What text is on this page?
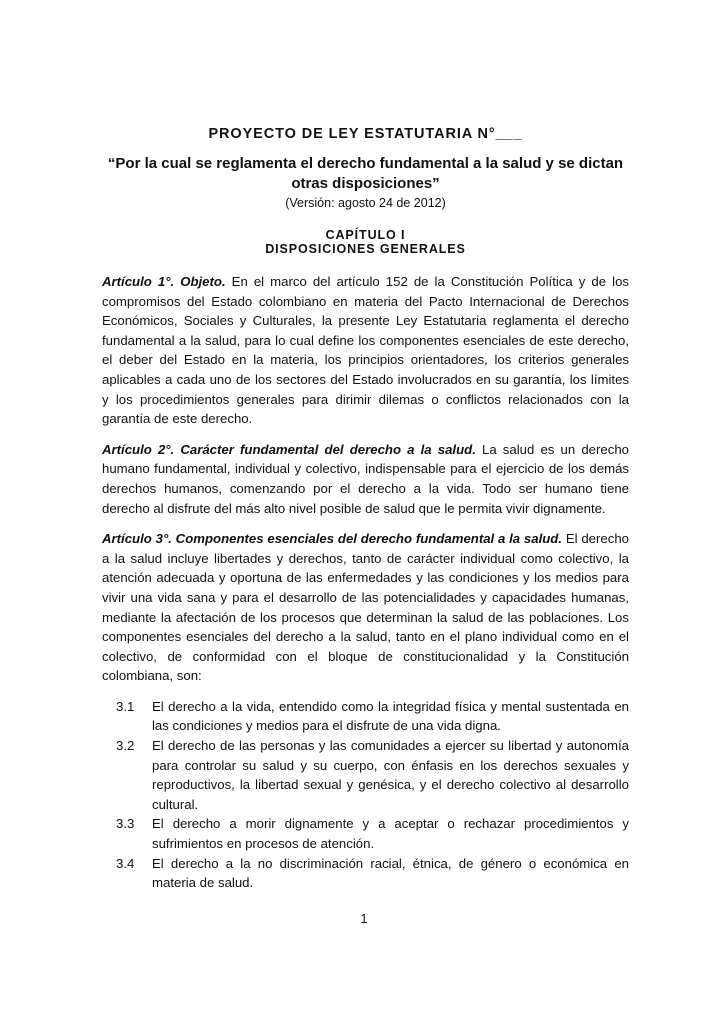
PROYECTO DE LEY ESTATUTARIA N°___
“Por la cual se reglamenta el derecho fundamental a la salud y se dictan otras disposiciones”
(Versión: agosto 24 de 2012)
CAPÍTULO I
DISPOSICIONES GENERALES

Artículo 1°. Objeto. En el marco del artículo 152 de la Constitución Política y de los compromisos del Estado colombiano en materia del Pacto Internacional de Derechos Económicos, Sociales y Culturales, la presente Ley Estatutaria reglamenta el derecho fundamental a la salud, para lo cual define los componentes esenciales de este derecho, el deber del Estado en la materia, los principios orientadores, los criterios generales aplicables a cada uno de los sectores del Estado involucrados en su garantía, los límites y los procedimientos generales para dirimir dilemas o conflictos relacionados con la garantía de este derecho.

Artículo 2°. Carácter fundamental del derecho a la salud. La salud es un derecho humano fundamental, individual y colectivo, indispensable para el ejercicio de los demás derechos humanos, comenzando por el derecho a la vida. Todo ser humano tiene derecho al disfrute del más alto nivel posible de salud que le permita vivir dignamente.

Artículo 3°. Componentes esenciales del derecho fundamental a la salud. El derecho a la salud incluye libertades y derechos, tanto de carácter individual como colectivo, la atención adecuada y oportuna de las enfermedades y las condiciones y los medios para vivir una vida sana y para el desarrollo de las potencialidades y capacidades humanas, mediante la afectación de los procesos que determinan la salud de las poblaciones. Los componentes esenciales del derecho a la salud, tanto en el plano individual como en el colectivo, de conformidad con el bloque de constitucionalidad y la Constitución colombiana, son:

3.1 El derecho a la vida, entendido como la integridad física y mental sustentada en las condiciones y medios para el disfrute de una vida digna.
3.2 El derecho de las personas y las comunidades a ejercer su libertad y autonomía para controlar su salud y su cuerpo, con énfasis en los derechos sexuales y reproductivos, la libertad sexual y genésica, y el derecho colectivo al desarrollo cultural.
3.3 El derecho a morir dignamente y a aceptar o rechazar procedimientos y sufrimientos en procesos de atención.
3.4 El derecho a la no discriminación racial, étnica, de género o económica en materia de salud.
1
